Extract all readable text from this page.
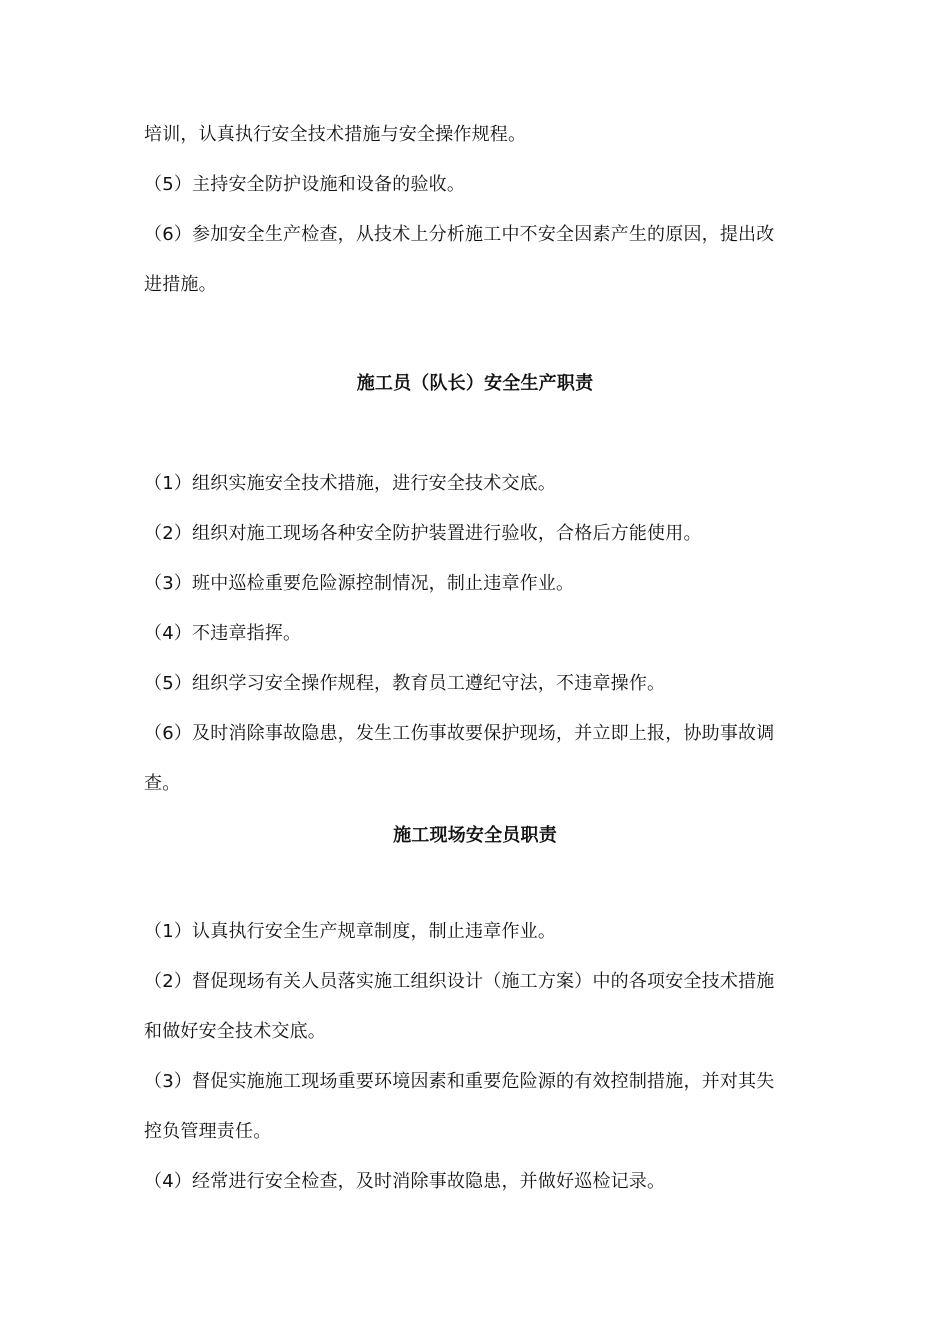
培训，认真执行安全技术措施与安全操作规程。
（5）主持安全防护设施和设备的验收。
（6）参加安全生产检查，从技术上分析施工中不安全因素产生的原因，提出改
进措施。
施工员（队长）安全生产职责
（1）组织实施安全技术措施，进行安全技术交底。
（2）组织对施工现场各种安全防护装置进行验收，合格后方能使用。
（3）班中巡检重要危险源控制情况，制止违章作业。
（4）不违章指挥。
（5）组织学习安全操作规程，教育员工遵纪守法，不违章操作。
（6）及时消除事故隐患，发生工伤事故要保护现场，并立即上报，协助事故调
查。
施工现场安全员职责
（1）认真执行安全生产规章制度，制止违章作业。
（2）督促现场有关人员落实施工组织设计（施工方案）中的各项安全技术措施
和做好安全技术交底。
（3）督促实施施工现场重要环境因素和重要危险源的有效控制措施，并对其失
控负管理责任。
（4）经常进行安全检查，及时消除事故隐患，并做好巡检记录。
